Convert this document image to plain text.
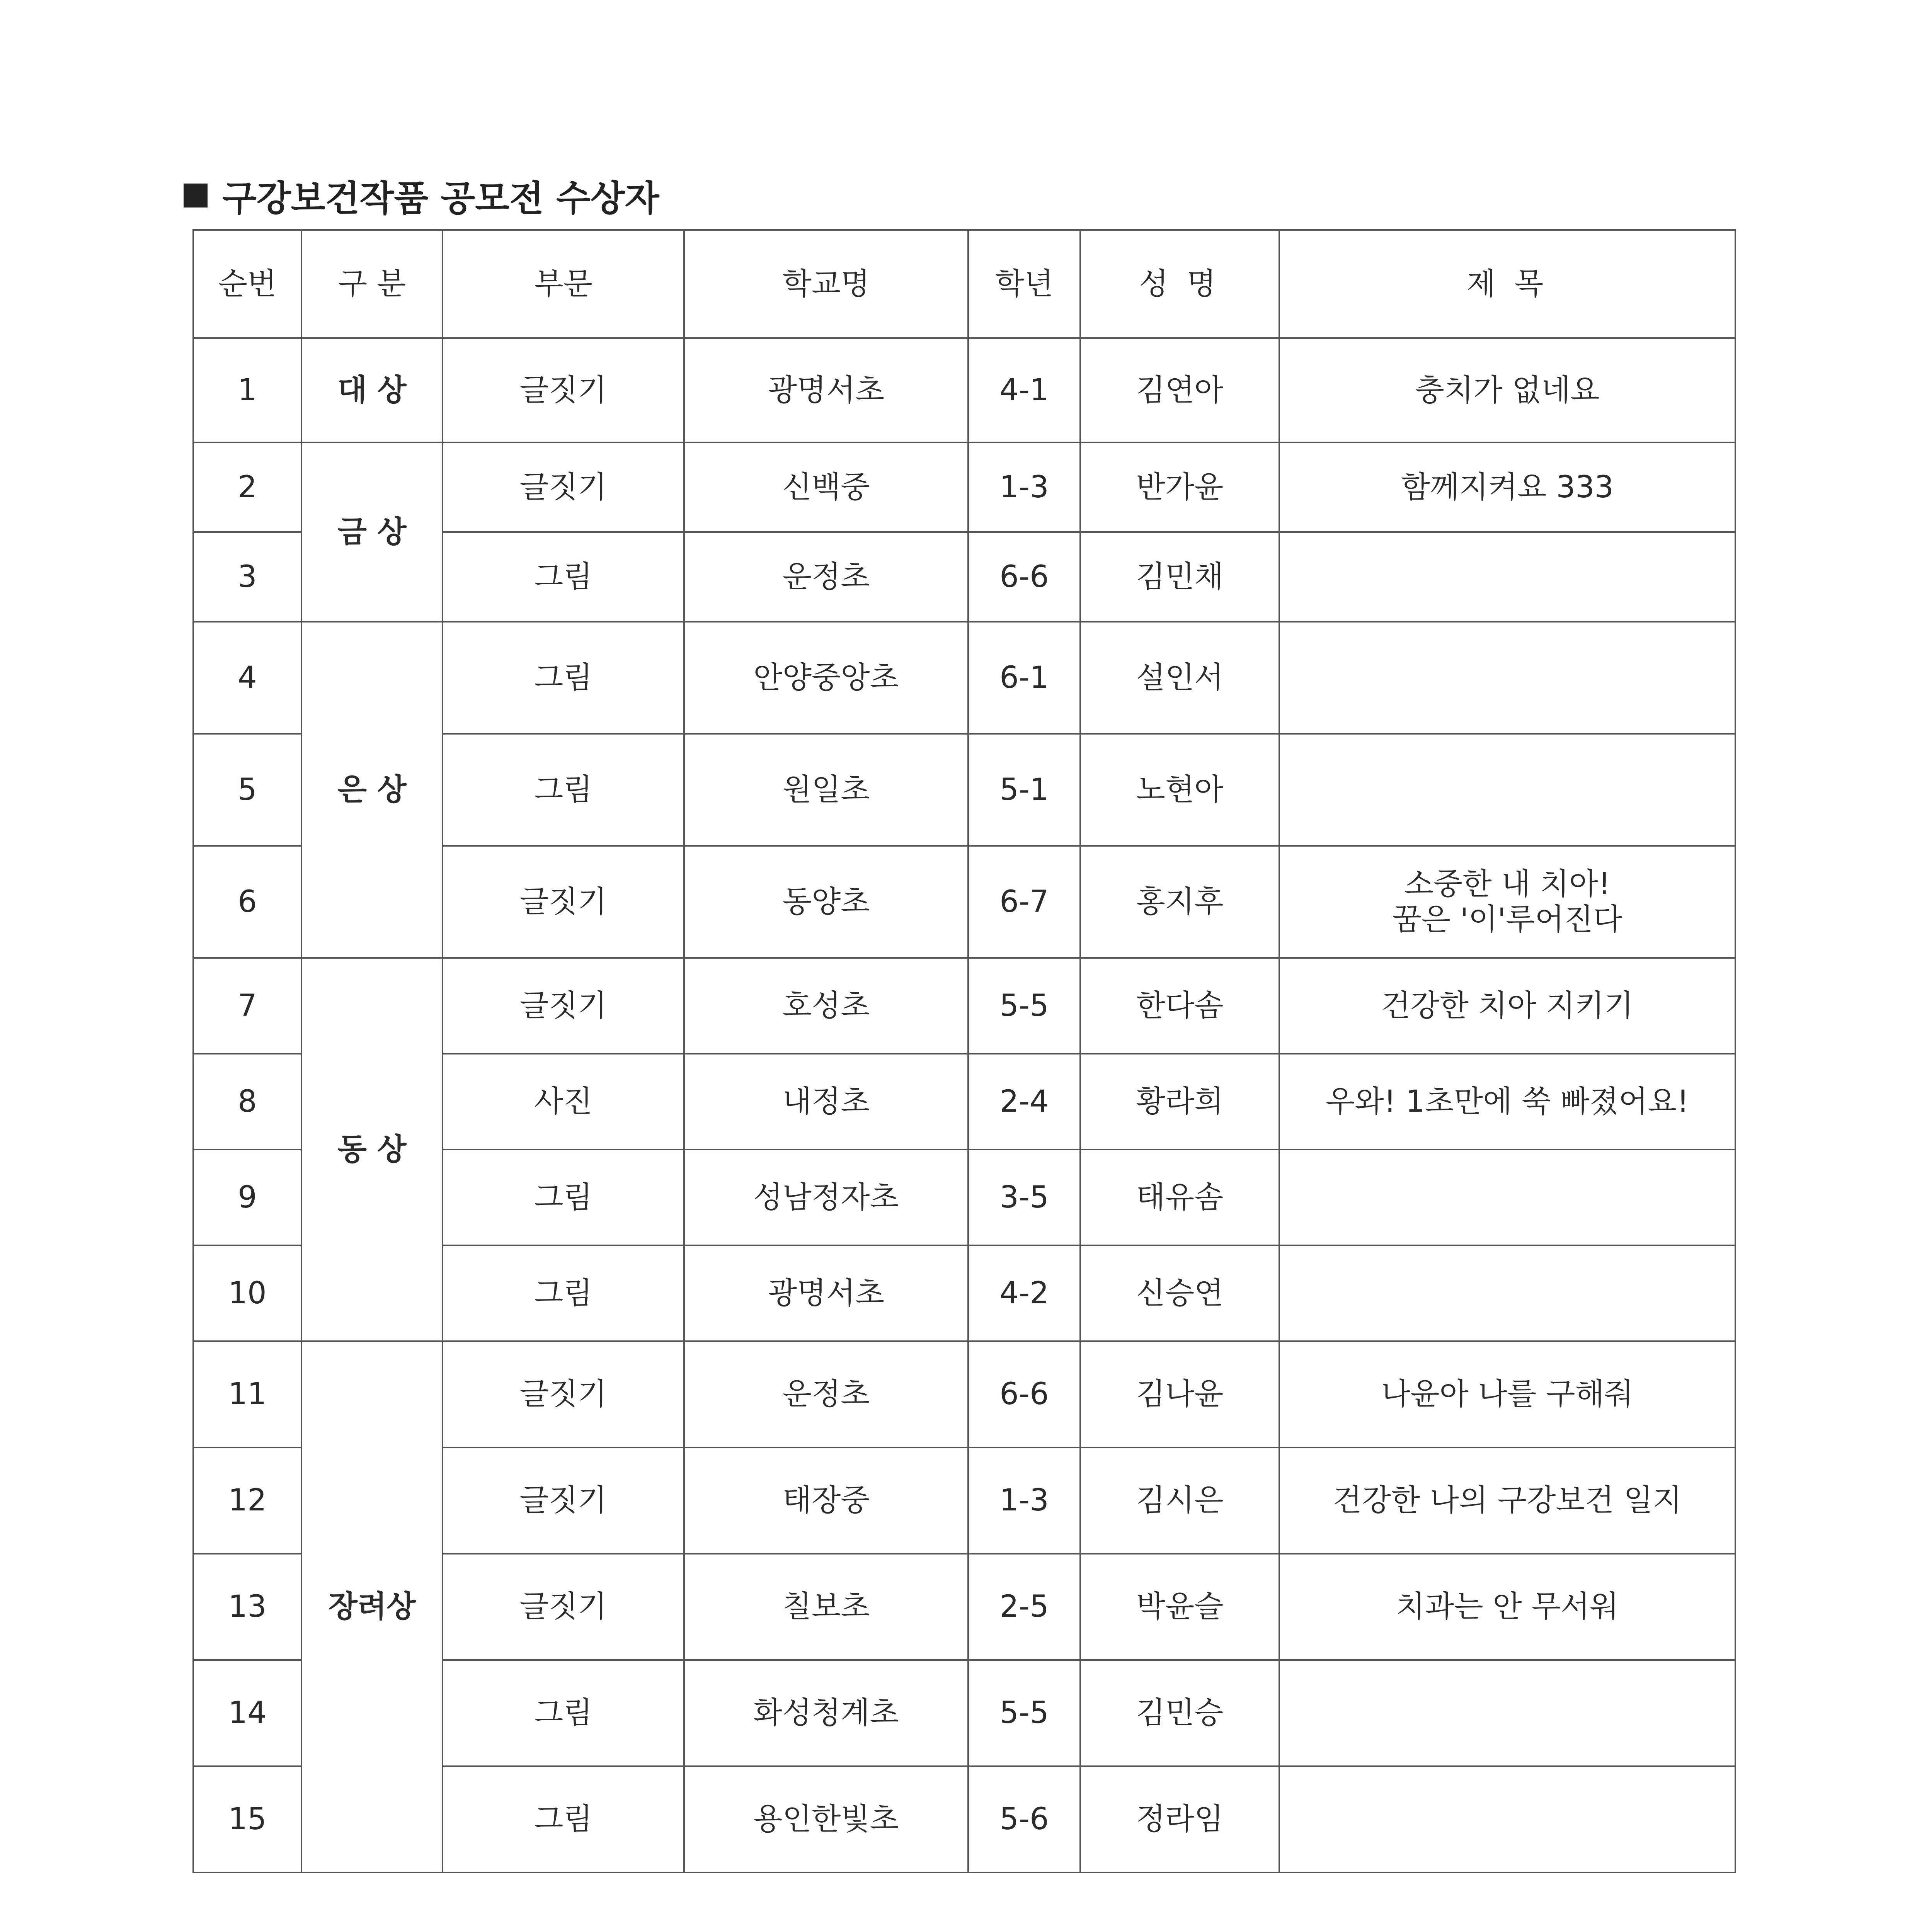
구강보건작품 공모전 수상자
순번	구 분	부문	학교명	학년	성 명	제 목
1	대 상	글짓기	광명서초	4-1	김연아	충치가 없네요
2	금 상	글짓기	신백중	1-3	반가윤	함께지켜요 333
3		그림	운정초	6-6	김민채	
4	은 상	그림	안양중앙초	6-1	설인서	
5		그림	원일초	5-1	노현아	
6		글짓기	동양초	6-7	홍지후	소중한 내 치아!
꿈은 '이'루어진다

7	동 상	글짓기	호성초	5-5	한다솜	건강한 치아 지키기
8		사진	내정초	2-4	황라희	우와! 1초만에 쑥 빠졌어요!
9		그림	성남정자초	3-5	태유솜	
10		그림	광명서초	4-2	신승연	
11	장려상	글짓기	운정초	6-6	김나윤	나윤아 나를 구해줘
12		글짓기	태장중	1-3	김시은	건강한 나의 구강보건 일지
13		글짓기	칠보초	2-5	박윤슬	치과는 안 무서워
14		그림	화성청계초	5-5	김민승	
15		그림	용인한빛초	5-6	정라임	
